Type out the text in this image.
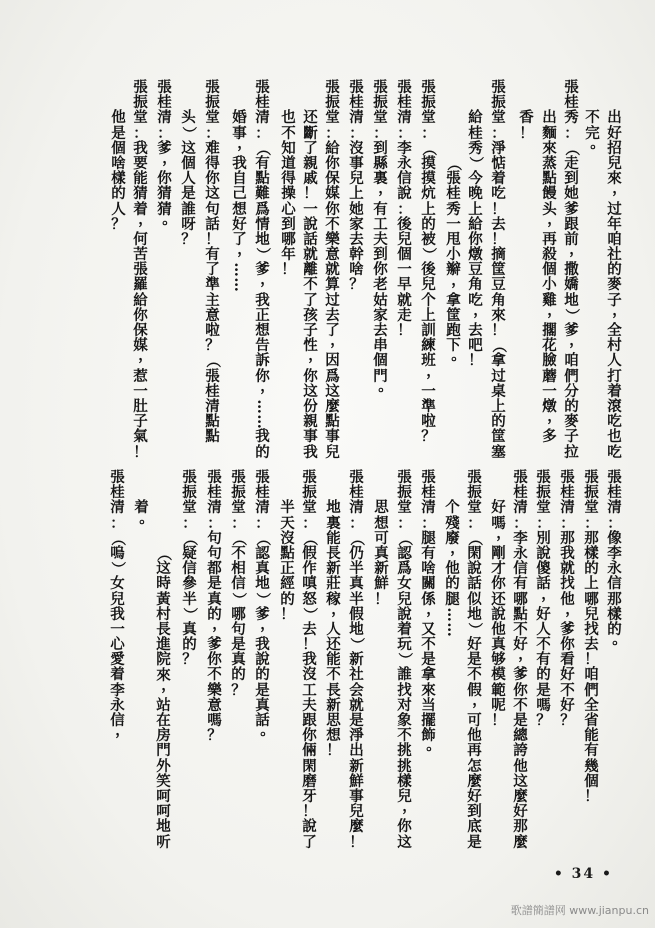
出
好
招
兒
來
，
过
年
咱
社
的
麥
子
，
全
村
人
打
着
滾
吃
也
吃
不
完
。
張
桂
秀
：
（
走
到
她
爹
跟
前
，
撒
嬌
地
）
爹
，
咱
們
分
的
麥
子
拉
出
麵
來
蒸
點
饅
头
，
再
殺
個
小
雞
，
擱
花
臉
蘑
一
燉
，
多
香
！
張
振
堂
：
淨
惦
着
吃
！
去
！
摘
筐
豆
角
來
！
（
拿
过
桌
上
的
筐
塞
給
桂
秀
）
今
晚
上
給
你
燉
豆
角
吃
，
去
吧
！
（
張
桂
秀
一
甩
小
辮
，
拿
筐
跑
下
。
張
振
堂
：
（
摸
摸
炕
上
的
被
）
後
兒
个
上
訓
練
班
，
一
準
啦
？
張
桂
清
：
李
永
信
說
：
後
兒
個
一
早
就
走
！
張
振
堂
：
到
縣
裏
，
有
工
夫
到
你
老
姑
家
去
串
個
門
。
張
桂
清
：
沒
事
兒
上
她
家
去
幹
啥
？
張
振
堂
：
給
你
保
媒
你
不
樂
意
就
算
过
去
了
，
因
爲
这
麼
點
事
兒
还
斷
了
親
戚
！
一
說
話
就
離
不
了
孩
子
性
，
你
这
份
親
事
我
也
不
知
道
得
操
心
到
哪
年
！
張
桂
清
：
（
有
點
難
爲
情
地
）
爹
，
我
正
想
告
訴
你
，
…
…
我
的
婚
事
，
我
自
己
想
好
了
，
…
…
張
振
堂
：
难
得
你
这
句
話
！
有
了
準
主
意
啦
？
（
張
桂
清
點
點
头
）
这
個
人
是
誰
呀
？
張
桂
清
：
爹
，
你
猜
猜
。
張
振
堂
：
我
要
能
猜
着
，
何
苦
張
羅
給
你
保
媒
，
惹
一
肚
子
氣
！
他
是
個
啥
樣
的
人
？
張
桂
清
：
像
李
永
信
那
樣
的
。
張
振
堂
：
那
樣
的
上
哪
兒
找
去
！
咱
們
全
省
能
有
幾
個
！
張
桂
清
：
那
我
就
找
他
，
爹
你
看
好
不
好
？
張
振
堂
：
別
說
傻
話
，
好
人
不
有
的
是
嗎
？
張
桂
清
：
李
永
信
有
哪
點
不
好
，
爹
你
不
是
總
誇
他
这
麼
好
那
麼
好
嗎
，
剛
才
你
还
說
他
真
够
模
範
呢
！
張
振
堂
：
（
閑
說
話
似
地
）
好
是
不
假
，
可
他
再
怎
麼
好
到
底
是
个
殘
廢
，
他
的
腿
…
…
張
桂
清
：
腿
有
啥
關
係
，
又
不
是
拿
來
当
擺
飾
。
張
振
堂
：
（
認
爲
女
兒
說
着
玩
）
誰
找
对
象
不
挑
挑
樣
兒
，
你
这
思
想
可
真
新
鮮
！
張
桂
清
：
（
仍
半
真
半
假
地
）
新
社
会
就
是
淨
出
新
鮮
事
兒
麼
！
地
裏
能
長
新
莊
稼
，
人
还
能
不
長
新
思
想
！
張
振
堂
：
（
假
作
嗔
怒
）
去
！
我
沒
工
夫
跟
你
倆
閑
磨
牙
！
說
了
半
天
沒
點
正
經
的
！
張
桂
清
：
（
認
真
地
）
爹
，
我
說
的
是
真
話
。
張
振
堂
：
（
不
相
信
）
哪
句
是
真
的
？
張
桂
清
：
句
句
都
是
真
的
，
爹
你
不
樂
意
嗎
？
張
振
堂
：
（
疑
信
參
半
）
真
的
？
（
这
時
黃
村
長
進
院
來
，
站
在
房
門
外
笑
呵
呵
地
听
着
。
張
桂
清
：
（
嗚
）
女
兒
我
一
心
愛
着
李
永
信
，
• 34 •
歌譜簡譜网 www.jianpu.cn
